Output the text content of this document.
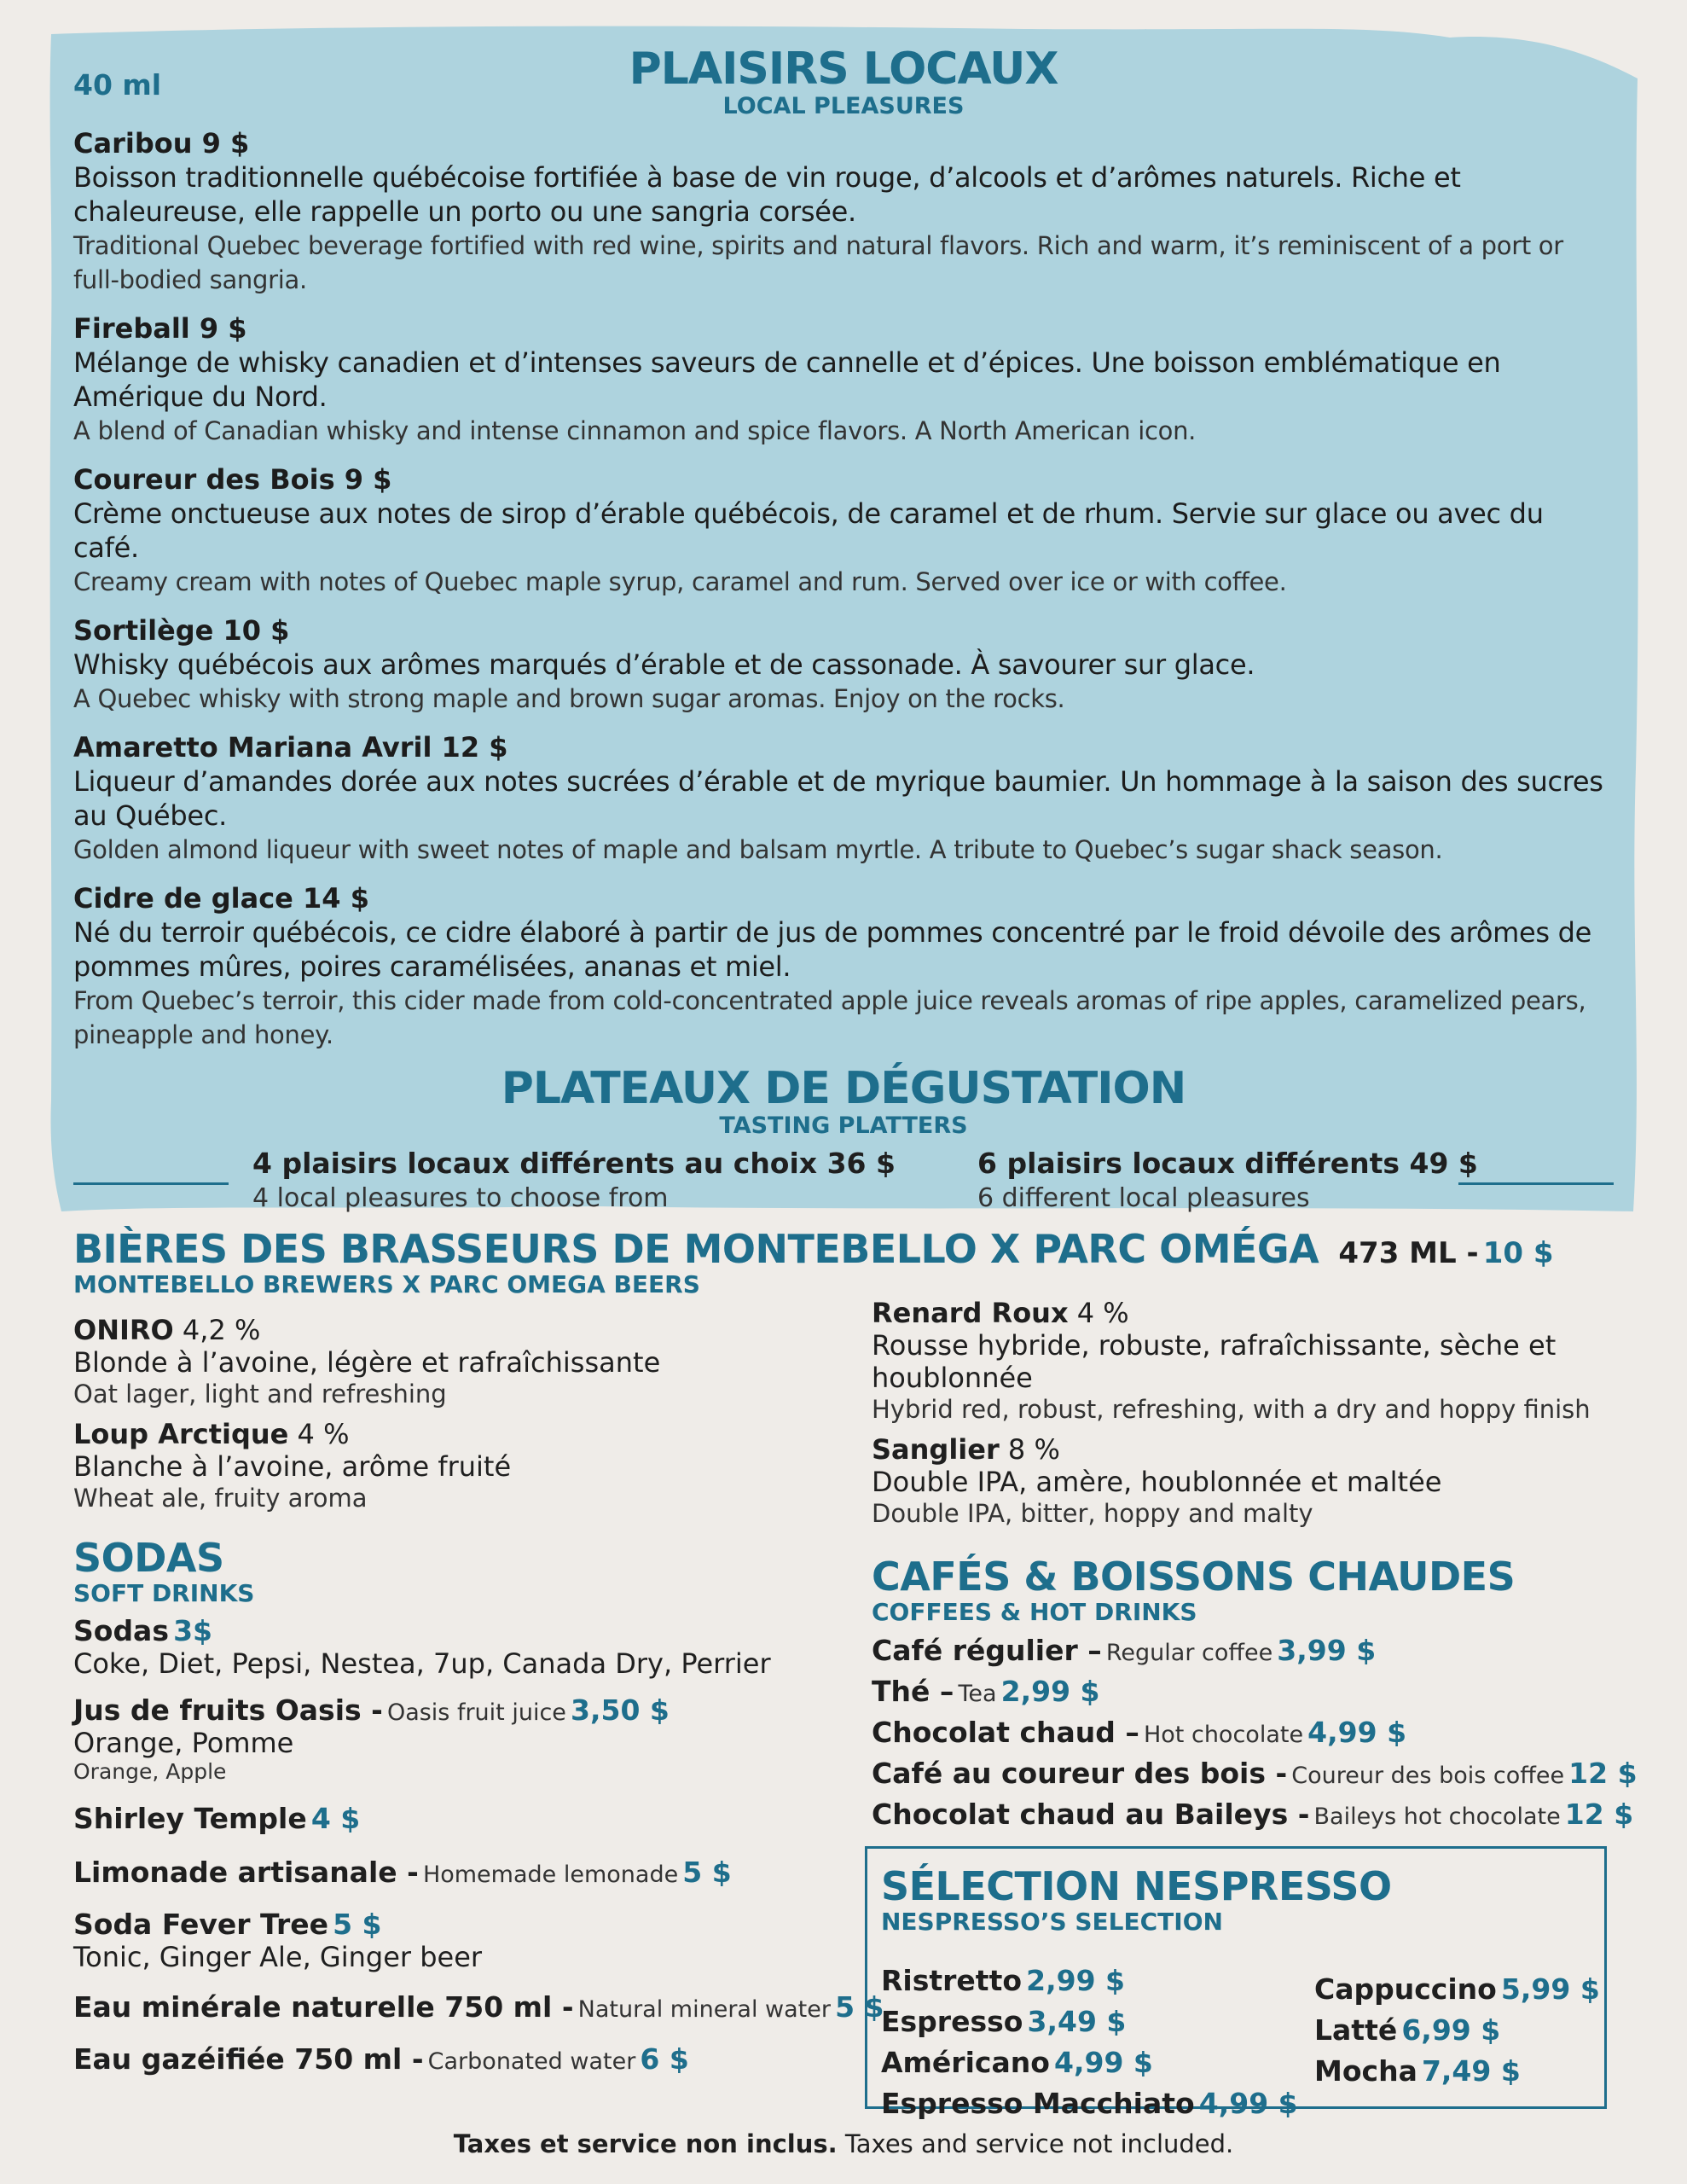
40 ml	PLAISIRS LOCAUX
LOCAL PLEASURES
Caribou 9 $
Boisson traditionnelle québécoise fortifiée à base de vin rouge, d’alcools et d’arômes naturels. Riche et chaleureuse, elle rappelle un porto ou une sangria corsée.
Traditional Quebec beverage fortified with red wine, spirits and natural flavors. Rich and warm, it’s reminiscent of a port or full-bodied sangria.
Fireball 9 $
Mélange de whisky canadien et d’intenses saveurs de cannelle et d’épices. Une boisson emblématique en Amérique du Nord.
A blend of Canadian whisky and intense cinnamon and spice flavors. A North American icon.
Coureur des Bois 9 $
Crème onctueuse aux notes de sirop d’érable québécois, de caramel et de rhum. Servie sur glace ou avec du café.
Creamy cream with notes of Quebec maple syrup, caramel and rum. Served over ice or with coffee.
Sortilège 10 $
Whisky québécois aux arômes marqués d’érable et de cassonade. À savourer sur glace.
A Quebec whisky with strong maple and brown sugar aromas. Enjoy on the rocks.
Amaretto Mariana Avril 12 $
Liqueur d’amandes dorée aux notes sucrées d’érable et de myrique baumier. Un hommage à la saison des sucres au Québec.
Golden almond liqueur with sweet notes of maple and balsam myrtle. A tribute to Quebec’s sugar shack season.
Cidre de glace 14 $
Né du terroir québécois, ce cidre élaboré à partir de jus de pommes concentré par le froid dévoile des arômes de pommes mûres, poires caramélisées, ananas et miel.
From Quebec’s terroir, this cider made from cold-concentrated apple juice reveals aromas of ripe apples, caramelized pears, pineapple and honey.
PLATEAUX DE DÉGUSTATION
TASTING PLATTERS
4 plaisirs locaux différents au choix 36 $
4 local pleasures to choose from
6 plaisirs locaux différents 49 $
6 different local pleasures
BIÈRES DES BRASSEURS DE MONTEBELLO X PARC OMÉGA 473 ML - 10 $
MONTEBELLO BREWERS X PARC OMEGA BEERS
ONIRO 4,2 %
Blonde à l’avoine, légère et rafraîchissante
Oat lager, light and refreshing
Loup Arctique 4 %
Blanche à l’avoine, arôme fruité
Wheat ale, fruity aroma
Renard Roux 4 %
Rousse hybride, robuste, rafraîchissante, sèche et houblonnée
Hybrid red, robust, refreshing, with a dry and hoppy finish
Sanglier 8 %
Double IPA, amère, houblonnée et maltée
Double IPA, bitter, hoppy and malty
SODAS
SOFT DRINKS
Sodas 3$
Coke, Diet, Pepsi, Nestea, 7up, Canada Dry, Perrier
Jus de fruits Oasis - Oasis fruit juice 3,50 $
Orange, Pomme
Orange, Apple
Shirley Temple 4 $
Limonade artisanale - Homemade lemonade 5 $
Soda Fever Tree 5 $
Tonic, Ginger Ale, Ginger beer
Eau minérale naturelle 750 ml - Natural mineral water 5 $
Eau gazéifiée 750 ml - Carbonated water 6 $
CAFÉS & BOISSONS CHAUDES
COFFEES & HOT DRINKS
Café régulier – Regular coffee 3,99 $
Thé – Tea 2,99 $
Chocolat chaud – Hot chocolate 4,99 $
Café au coureur des bois - Coureur des bois coffee 12 $
Chocolat chaud au Baileys - Baileys hot chocolate 12 $
SÉLECTION NESPRESSO
NESPRESSO’S SELECTION
Ristretto 2,99 $
Espresso 3,49 $
Américano 4,99 $
Espresso Macchiato 4,99 $
Cappuccino 5,99 $
Latté 6,99 $
Mocha 7,49 $
Taxes et service non inclus. Taxes and service not included.
